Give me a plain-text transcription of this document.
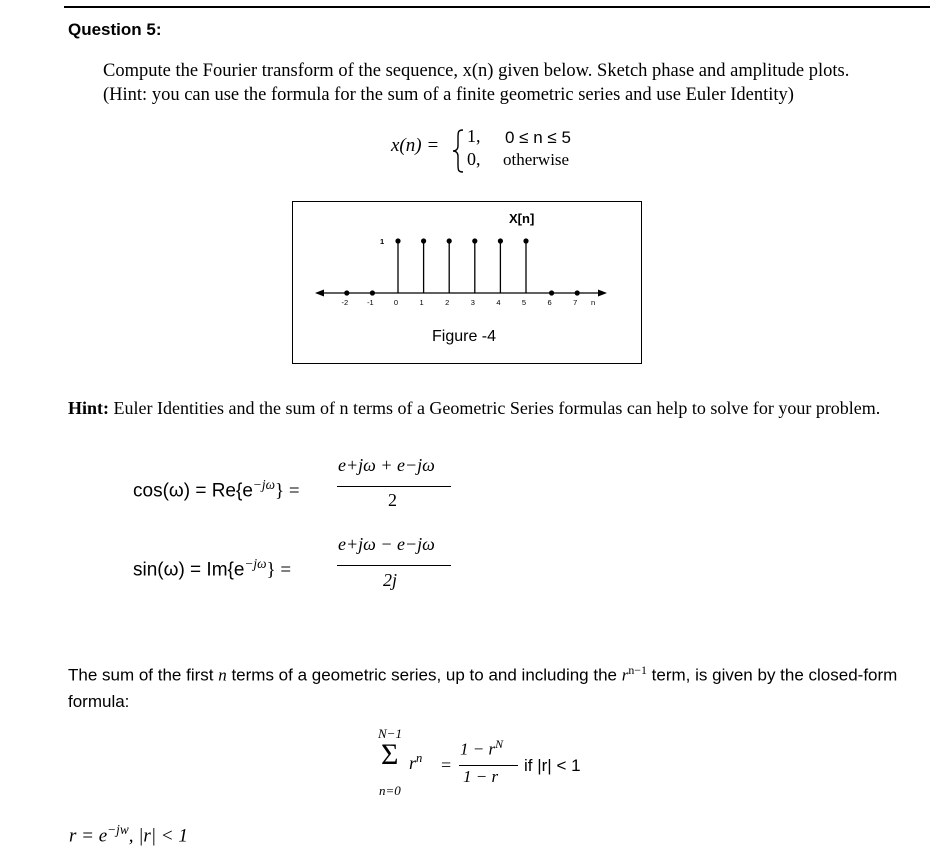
Question 5:
Compute the Fourier transform of the sequence, x(n) given below. Sketch phase and amplitude plots.
(Hint: you can use the formula for the sum of a finite geometric series and use Euler Identity)
x(n) = 1, 0 ≤ n ≤ 5
0, otherwise
X[n]
-2	-1	0	1	2	3	4	5	6	7 n
1
Figure -4
Hint: Euler Identities and the sum of n terms of a Geometric Series formulas can help to solve for your problem.
$\cos(\omega) = Re\{e^{-j\omega}\}$ =
e+jω + e−jω
2
$\sin(\omega) = Im\{e^{-j\omega}\}$ =
e+jω − e−jω
2j
The sum of the first n terms of a geometric series, up to and including the $r^{n-1}$ term, is given by the closed-form formula:
N−1
Σ
n=0
$r^n$ =
$1 - r^N$
1 − r
if |r| < 1
$r = e^{-jw}$, |r| < 1
